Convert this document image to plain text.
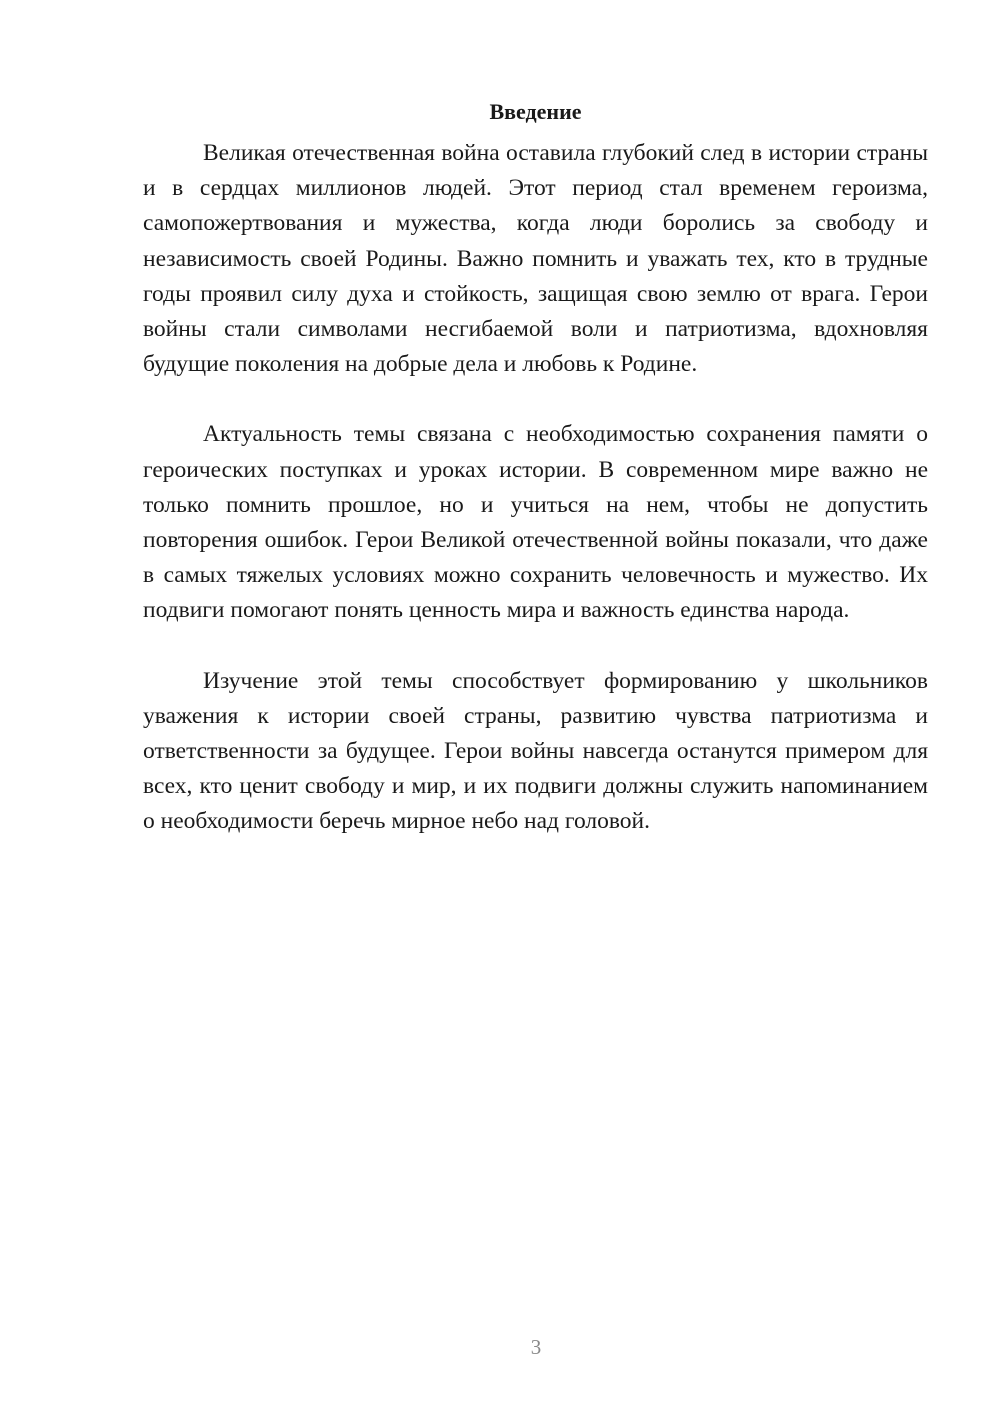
Введение

Великая отечественная война оставила глубокий след в истории страны и в сердцах миллионов людей. Этот период стал временем героизма, самопожертвования и мужества, когда люди боролись за свободу и независимость своей Родины. Важно помнить и уважать тех, кто в трудные годы проявил силу духа и стойкость, защищая свою землю от врага. Герои войны стали символами несгибаемой воли и патриотизма, вдохновляя будущие поколения на добрые дела и любовь к Родине.

Актуальность темы связана с необходимостью сохранения памяти о героических поступках и уроках истории. В современном мире важно не только помнить прошлое, но и учиться на нем, чтобы не допустить повторения ошибок. Герои Великой отечественной войны показали, что даже в самых тяжелых условиях можно сохранить человечность и мужество. Их подвиги помогают понять ценность мира и важность единства народа.

Изучение этой темы способствует формированию у школьников уважения к истории своей страны, развитию чувства патриотизма и ответственности за будущее. Герои войны навсегда останутся примером для всех, кто ценит свободу и мир, и их подвиги должны служить напоминанием о необходимости беречь мирное небо над головой.

3
